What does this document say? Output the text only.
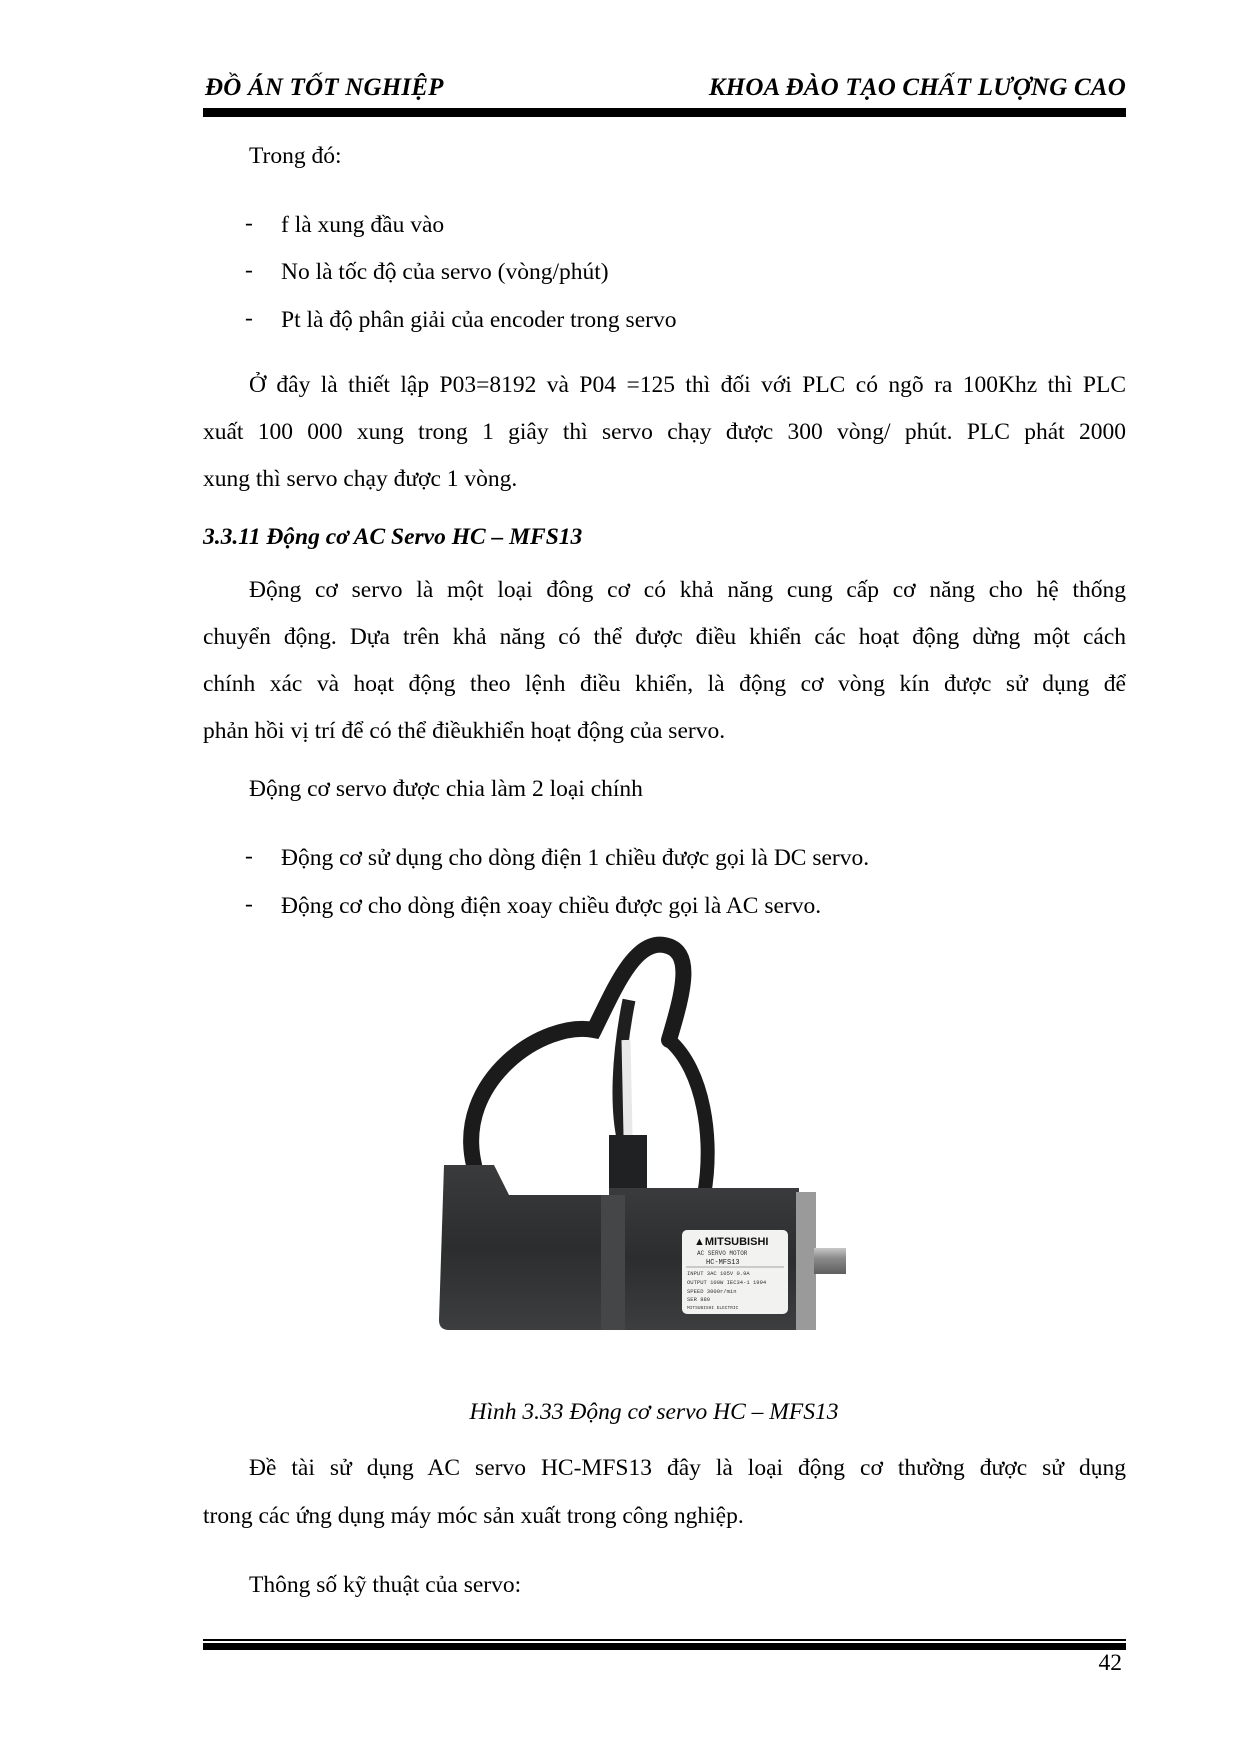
ĐỒ ÁN TỐT NGHIỆP	KHOA ĐÀO TẠO CHẤT LƯỢNG CAO
Trong đó:
- f là xung đầu vào
- No là tốc độ của servo (vòng/phút)
- Pt là độ phân giải của encoder trong servo
Ở đây là thiết lập P03=8192 và P04 =125 thì đối với PLC có ngõ ra 100Khz thì PLC
xuất 100 000 xung trong 1 giây thì servo chạy được 300 vòng/ phút. PLC phát 2000
xung thì servo chạy được 1 vòng.
3.3.11 Động cơ AC Servo HC – MFS13
Động cơ servo là một loại đông cơ có khả năng cung cấp cơ năng cho hệ thống
chuyển động. Dựa trên khả năng có thể được điều khiển các hoạt động dừng một cách
chính xác và hoạt động theo lệnh điều khiển, là động cơ vòng kín được sử dụng để
phản hồi vị trí để có thể điềukhiển hoạt động của servo.
Động cơ servo được chia làm 2 loại chính
- Động cơ sử dụng cho dòng điện 1 chiều được gọi là DC servo.
- Động cơ cho dòng điện xoay chiều được gọi là AC servo.
▲MITSUBISHI
AC SERVO MOTOR
HC-MFS13
INPUT 3AC 105V 0.9A
OUTPUT 100W IEC34-1 1994
SPEED 3000r/min
SER 880
MITSUBISHI ELECTRIC
Hình 3.33 Động cơ servo HC – MFS13
Đề tài sử dụng AC servo HC-MFS13 đây là loại động cơ thường được sử dụng
trong các ứng dụng máy móc sản xuất trong công nghiệp.
Thông số kỹ thuật của servo:
42
